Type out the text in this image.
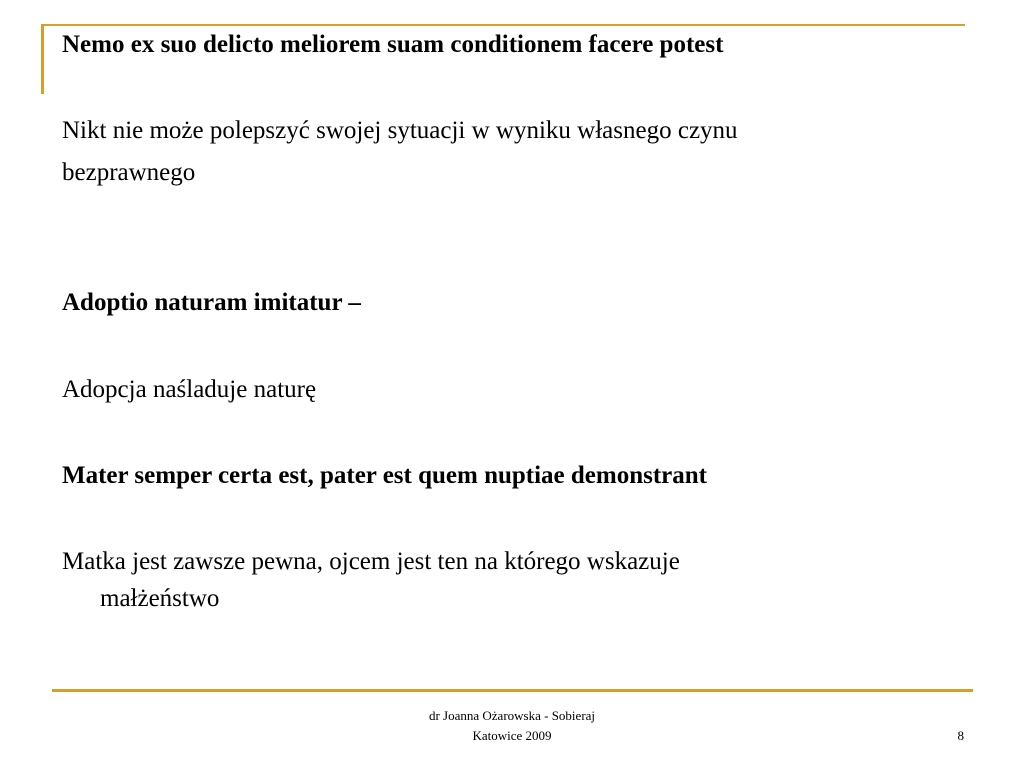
Nemo ex suo delicto meliorem suam conditionem facere potest
Nikt nie może polepszyć swojej sytuacji w wyniku własnego czynu
bezprawnego
Adoptio naturam imitatur –
Adopcja naśladuje naturę
Mater semper certa est, pater est quem nuptiae demonstrant
Matka jest zawsze pewna, ojcem jest ten na którego wskazuje
małżeństwo
dr Joanna Ożarowska - Sobieraj
Katowice 2009	8
